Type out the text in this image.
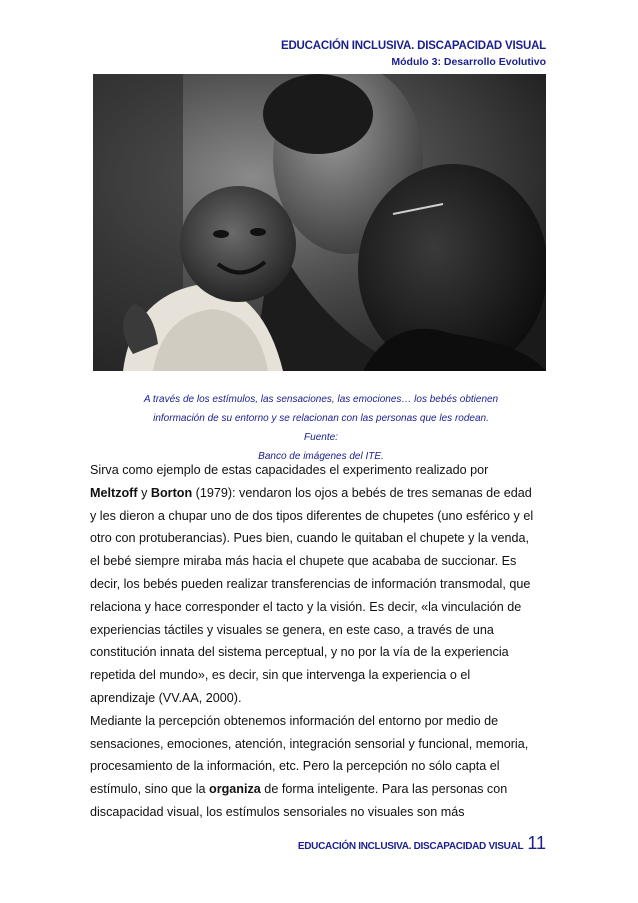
EDUCACIÓN INCLUSIVA. DISCAPACIDAD VISUAL
Módulo 3: Desarrollo Evolutivo
A través de los estímulos, las sensaciones, las emociones… los bebés obtienen
información de su entorno y se relacionan con las personas que les rodean. Fuente:
Banco de imágenes del ITE.

Sirva como ejemplo de estas capacidades el experimento realizado por

Meltzoff y Borton (1979): vendaron los ojos a bebés de tres semanas de edad

y les dieron a chupar uno de dos tipos diferentes de chupetes (uno esférico y el

otro con protuberancias). Pues bien, cuando le quitaban el chupete y la venda,

el bebé siempre miraba más hacia el chupete que acababa de succionar. Es

decir, los bebés pueden realizar transferencias de información transmodal, que

relaciona y hace corresponder el tacto y la visión. Es decir, «la vinculación de

experiencias táctiles y visuales se genera, en este caso, a través de una

constitución innata del sistema perceptual, y no por la vía de la experiencia

repetida del mundo», es decir, sin que intervenga la experiencia o el

aprendizaje (VV.AA, 2000).

Mediante la percepción obtenemos información del entorno por medio de

sensaciones, emociones, atención, integración sensorial y funcional, memoria,

procesamiento de la información, etc. Pero la percepción no sólo capta el

estímulo, sino que la organiza de forma inteligente. Para las personas con

discapacidad visual, los estímulos sensoriales no visuales son más

EDUCACIÓN INCLUSIVA. DISCAPACIDAD VISUAL 11
